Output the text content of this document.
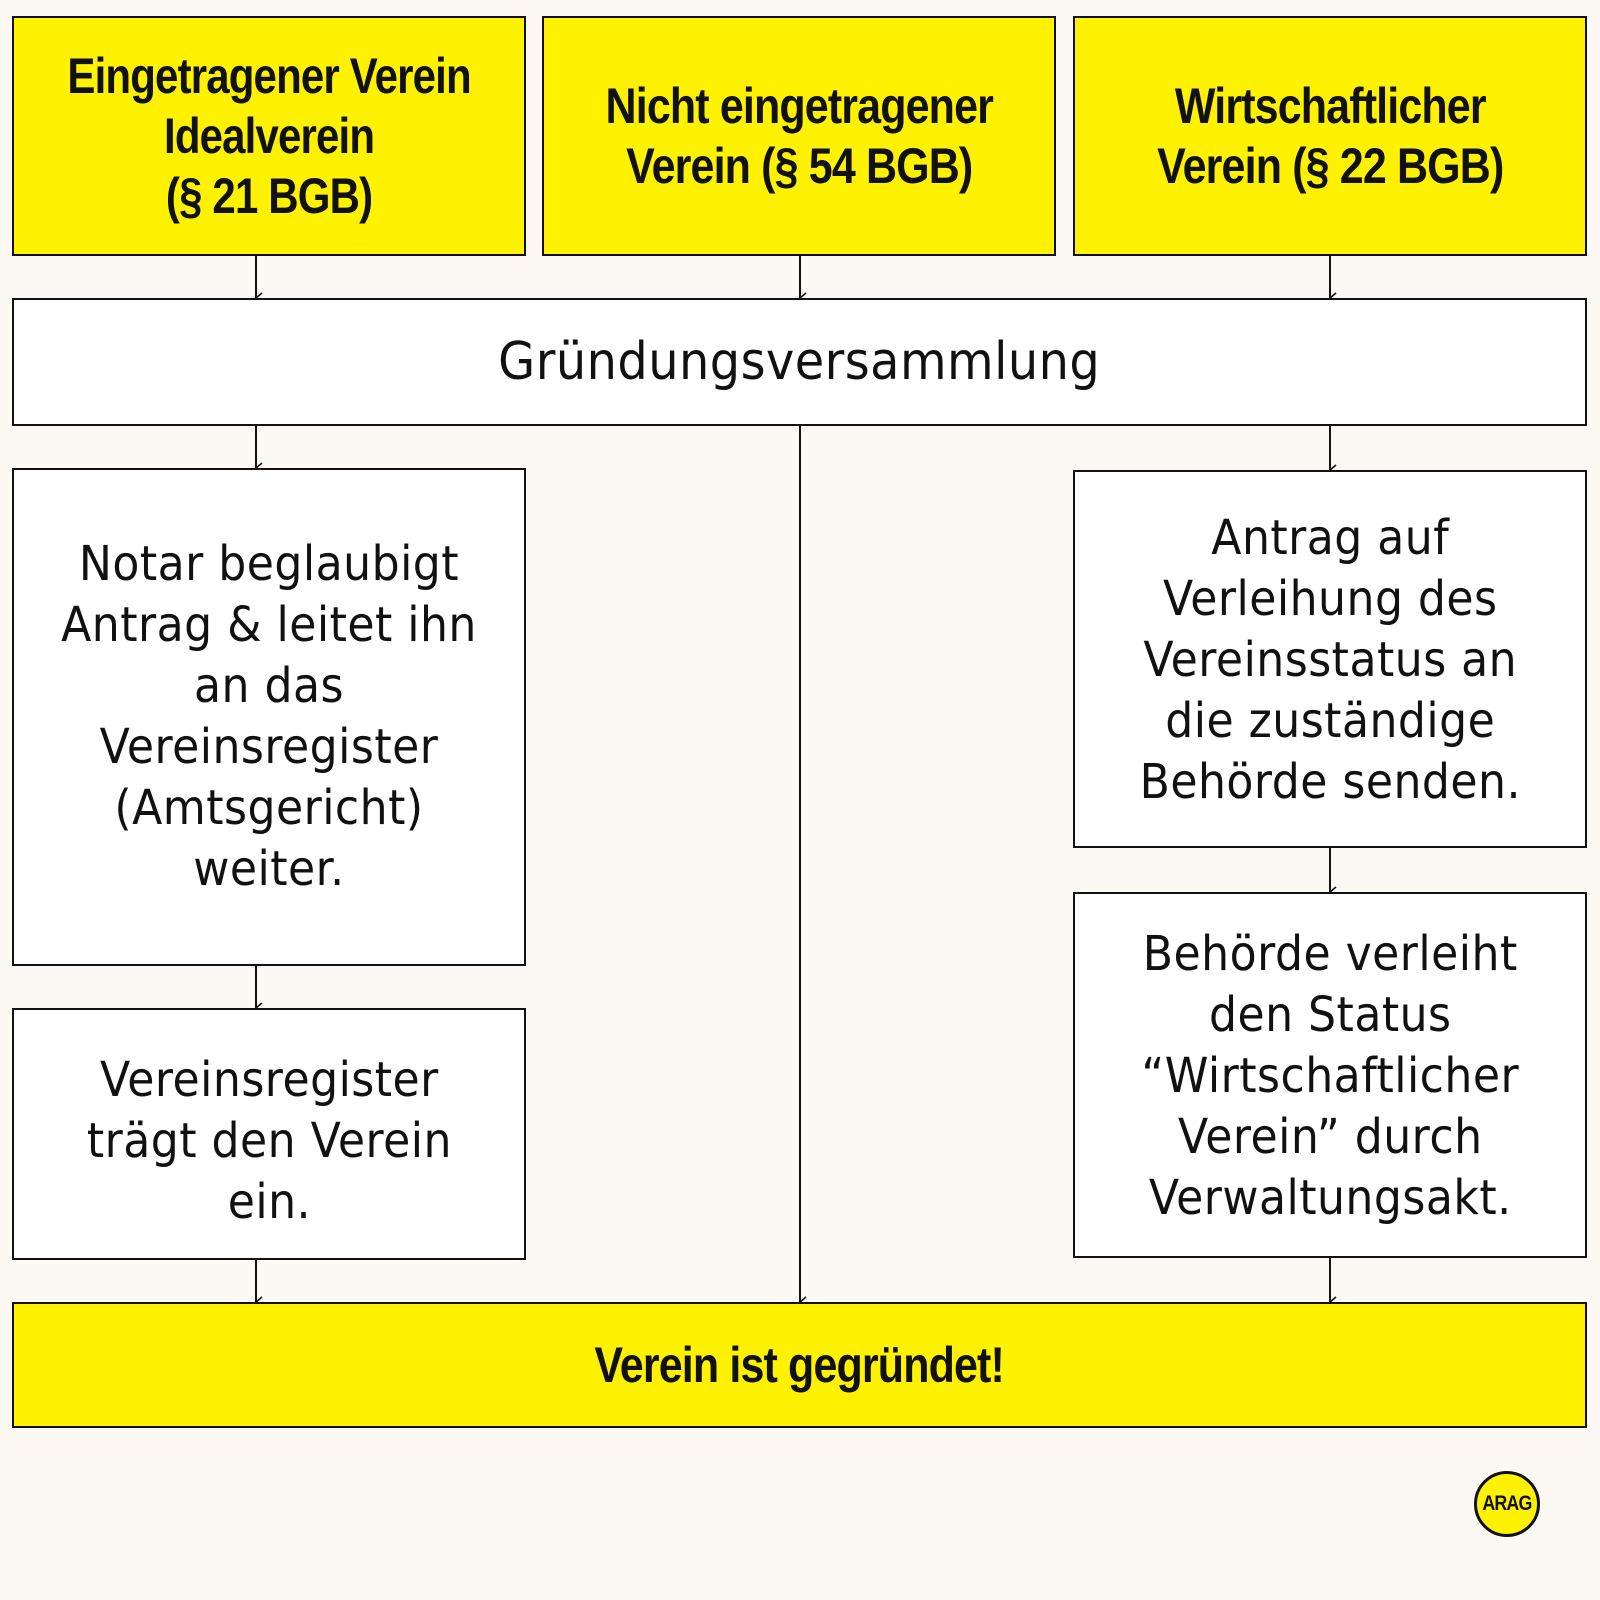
Eingetragener Verein
Idealverein
(§ 21 BGB)
Nicht eingetragener
Verein (§ 54 BGB)
Wirtschaftlicher
Verein (§ 22 BGB)
Gründungsversammlung
Notar beglaubigt
Antrag & leitet ihn
an das
Vereinsregister
(Amtsgericht)
weiter.
Vereinsregister
trägt den Verein
ein.
Antrag auf
Verleihung des
Vereinsstatus an
die zuständige
Behörde senden.
Behörde verleiht
den Status
“Wirtschaftlicher
Verein” durch
Verwaltungsakt.
Verein ist gegründet!
ARAG
